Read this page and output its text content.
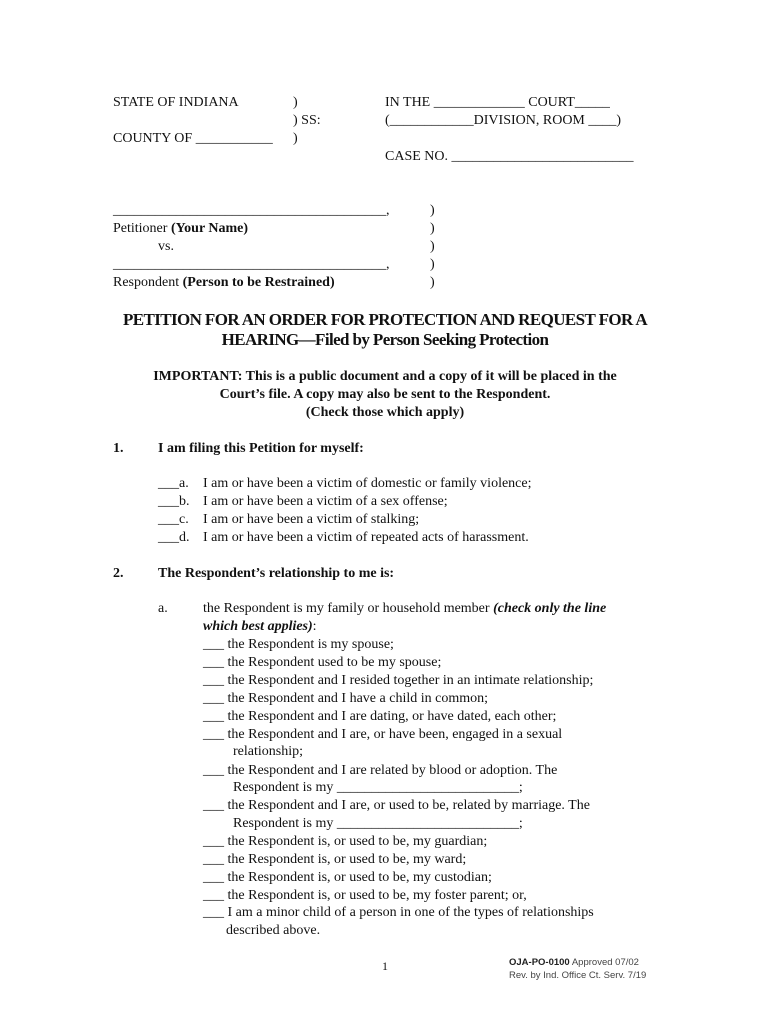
STATE OF INDIANA	)
) SS:
COUNTY OF ___________ )
IN THE _____________ COURT_____
(____________DIVISION, ROOM ____)
CASE NO. __________________________
_______________________________________,	)
Petitioner (Your Name)	)
vs.	)
_______________________________________,	)
Respondent (Person to be Restrained)	)
PETITION FOR AN ORDER FOR PROTECTION AND REQUEST FOR A
HEARING—Filed by Person Seeking Protection
IMPORTANT: This is a public document and a copy of it will be placed in the
Court’s file. A copy may also be sent to the Respondent.
(Check those which apply)
1. I am filing this Petition for myself:
___a. I am or have been a victim of domestic or family violence;
___b. I am or have been a victim of a sex offense;
___c. I am or have been a victim of stalking;
___d. I am or have been a victim of repeated acts of harassment.
2. The Respondent’s relationship to me is:
a.	the Respondent is my family or household member (check only the line
which best applies):
___ the Respondent is my spouse;
___ the Respondent used to be my spouse;
___ the Respondent and I resided together in an intimate relationship;
___ the Respondent and I have a child in common;
___ the Respondent and I are dating, or have dated, each other;
___ the Respondent and I are, or have been, engaged in a sexual
relationship;
___ the Respondent and I are related by blood or adoption. The
Respondent is my __________________________;
___ the Respondent and I are, or used to be, related by marriage. The
Respondent is my __________________________;
___ the Respondent is, or used to be, my guardian;
___ the Respondent is, or used to be, my ward;
___ the Respondent is, or used to be, my custodian;
___ the Respondent is, or used to be, my foster parent; or,
___ I am a minor child of a person in one of the types of relationships
described above.
1	OJA-PO-0100 Approved 07/02
Rev. by Ind. Office Ct. Serv. 7/19
